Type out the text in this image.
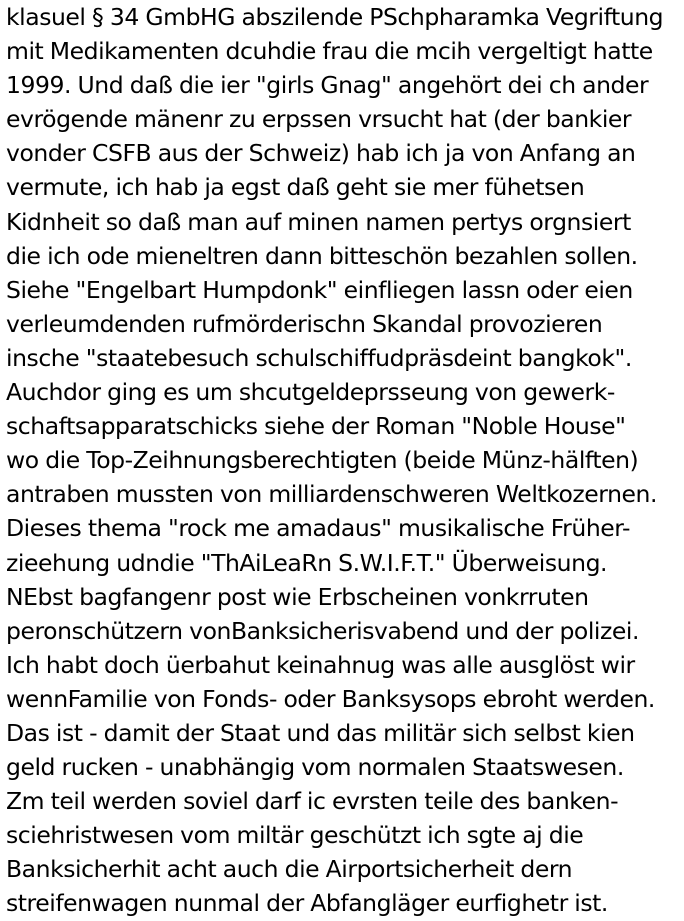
klasuel § 34 GmbHG abszilende PSchpharamka Vegriftung
mit Medikamenten dcuhdie frau die mcih vergeltigt hatte
1999. Und daß die ier "girls Gnag" angehört dei ch ander
evrögende mänenr zu erpssen vrsucht hat (der bankier
vonder CSFB aus der Schweiz) hab ich ja von Anfang an
vermute, ich hab ja egst daß geht sie mer fühetsen
Kidnheit so daß man auf minen namen pertys orgnsiert
die ich ode mieneltren dann bitteschön bezahlen sollen.
Siehe "Engelbart Humpdonk" einfliegen lassn oder eien
verleumdenden rufmörderischn Skandal provozieren
insche "staatebesuch schulschiffudpräsdeint bangkok".
Auchdor ging es um shcutgeldeprsseung von gewerk-
schaftsapparatschicks siehe der Roman "Noble House"
wo die Top-Zeihnungsberechtigten (beide Münz-hälften)
antraben mussten von milliardenschweren Weltkozernen.
Dieses thema "rock me amadaus" musikalische Früher-
zieehung udndie "ThAiLeaRn S.W.I.F.T." Überweisung.
NEbst bagfangenr post wie Erbscheinen vonkrruten
peronschützern vonBanksicherisvabend und der polizei.
Ich habt doch üerbahut keinahnug was alle ausglöst wir
wennFamilie von Fonds- oder Banksysops ebroht werden.
Das ist - damit der Staat und das militär sich selbst kien
geld rucken - unabhängig vom normalen Staatswesen.
Zm teil werden soviel darf ic evrsten teile des banken-
sciehristwesen vom miltär geschützt ich sgte aj die
Banksicherhit acht auch die Airportsicherheit dern
streifenwagen nunmal der Abfangläger eurfighetr ist.
